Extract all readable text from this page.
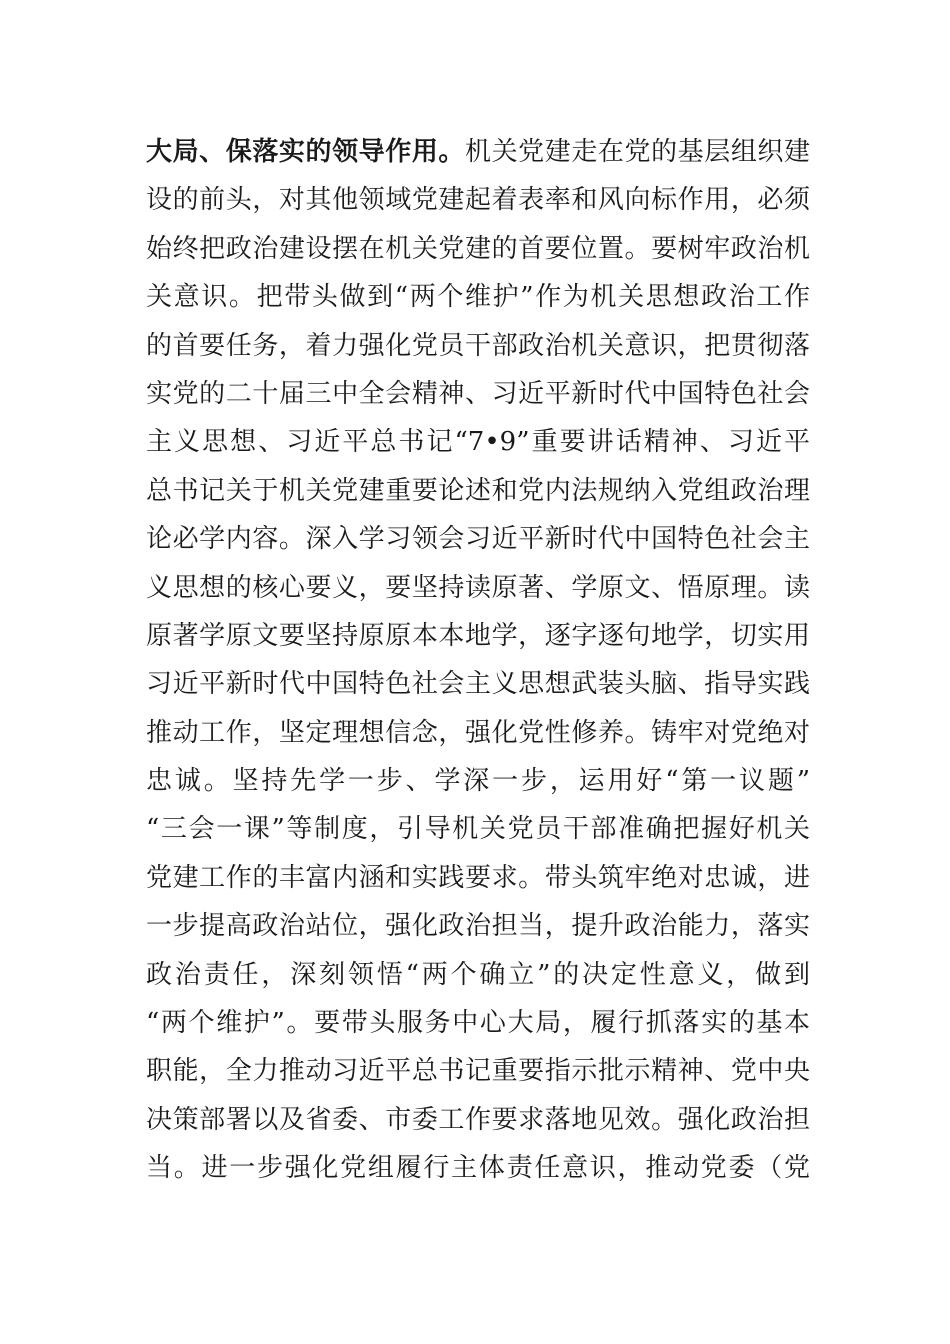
大局、保落实的领导作用。机关党建走在党的基层组织建
设的前头，对其他领域党建起着表率和风向标作用，必须
始终把政治建设摆在机关党建的首要位置。要树牢政治机
关意识。把带头做到“两个维护”作为机关思想政治工作
的首要任务，着力强化党员干部政治机关意识，把贯彻落
实党的二十届三中全会精神、习近平新时代中国特色社会
主义思想、习近平总书记“7•9”重要讲话精神、习近平
总书记关于机关党建重要论述和党内法规纳入党组政治理
论必学内容。深入学习领会习近平新时代中国特色社会主
义思想的核心要义，要坚持读原著、学原文、悟原理。读
原著学原文要坚持原原本本地学，逐字逐句地学，切实用
习近平新时代中国特色社会主义思想武装头脑、指导实践
推动工作，坚定理想信念，强化党性修养。铸牢对党绝对
忠诚。坚持先学一步、学深一步，运用好“第一议题”
“三会一课”等制度，引导机关党员干部准确把握好机关
党建工作的丰富内涵和实践要求。带头筑牢绝对忠诚，进
一步提高政治站位，强化政治担当，提升政治能力，落实
政治责任，深刻领悟“两个确立”的决定性意义，做到
“两个维护”。要带头服务中心大局，履行抓落实的基本
职能，全力推动习近平总书记重要指示批示精神、党中央
决策部署以及省委、市委工作要求落地见效。强化政治担
当。进一步强化党组履行主体责任意识，推动党委（党
